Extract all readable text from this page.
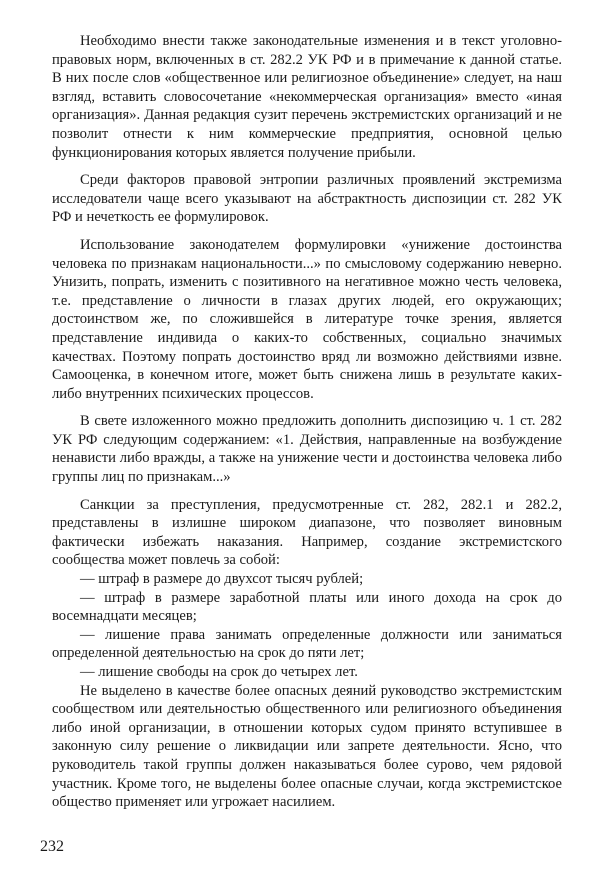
Необходимо внести также законодательные изменения и в текст уголовно-правовых норм, включенных в ст. 282.2 УК РФ и в примечание к данной статье. В них после слов «общественное или религиозное объединение» следует, на наш взгляд, вставить словосочетание «некоммерческая организация» вместо «иная организация». Данная редакция сузит перечень экстремистских организаций и не позволит отнести к ним коммерческие предприятия, основной целью функционирования которых является получение прибыли.

Среди факторов правовой энтропии различных проявлений экстремизма исследователи чаще всего указывают на абстрактность диспозиции ст. 282 УК РФ и нечеткость ее формулировок.

Использование законодателем формулировки «унижение достоинства человека по признакам национальности...» по смысловому содержанию неверно. Унизить, попрать, изменить с позитивного на негативное можно честь человека, т.е. представление о личности в глазах других людей, его окружающих; достоинством же, по сложившейся в литературе точке зрения, является представление индивида о каких-то собственных, социально значимых качествах. Поэтому попрать достоинство вряд ли возможно действиями извне. Самооценка, в конечном итоге, может быть снижена лишь в результате каких-либо внутренних психических процессов.

В свете изложенного можно предложить дополнить диспозицию ч. 1 ст. 282 УК РФ следующим содержанием: «1. Действия, направленные на возбуждение ненависти либо вражды, а также на унижение чести и достоинства человека либо группы лиц по признакам...»

Санкции за преступления, предусмотренные ст. 282, 282.1 и 282.2, представлены в излишне широком диапазоне, что позволяет виновным фактически избежать наказания. Например, создание экстремистского сообщества может повлечь за собой:

— штраф в размере до двухсот тысяч рублей;

— штраф в размере заработной платы или иного дохода на срок до восемнадцати месяцев;

— лишение права занимать определенные должности или заниматься определенной деятельностью на срок до пяти лет;

— лишение свободы на срок до четырех лет.

Не выделено в качестве более опасных деяний руководство экстремистским сообществом или деятельностью общественного или религиозного объединения либо иной организации, в отношении которых судом принято вступившее в законную силу решение о ликвидации или запрете деятельности. Ясно, что руководитель такой группы должен наказываться более сурово, чем рядовой участник. Кроме того, не выделены более опасные случаи, когда экстремистское общество применяет или угрожает насилием.

232
